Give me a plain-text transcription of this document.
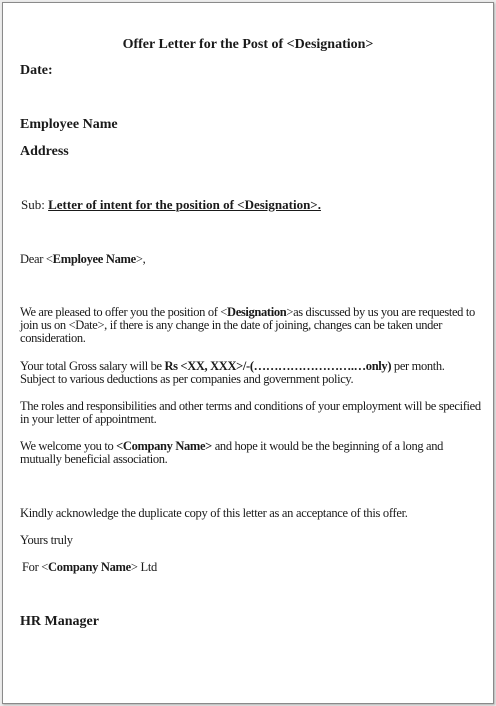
Offer Letter for the Post of <Designation>
Date:
Employee Name
Address
Sub: Letter of intent for the position of <Designation>.
Dear <Employee Name>,
We are pleased to offer you the position of <Designation>as discussed by us you are requested to join us on <Date>, if there is any change in the date of joining, changes can be taken under consideration.
Your total Gross salary will be Rs <XX, XXX>/-(…………………….…only) per month. Subject to various deductions as per companies and government policy.
The roles and responsibilities and other terms and conditions of your employment will be specified in your letter of appointment.
We welcome you to <Company Name> and hope it would be the beginning of a long and mutually beneficial association.
Kindly acknowledge the duplicate copy of this letter as an acceptance of this offer.
Yours truly
For <Company Name> Ltd
HR Manager
